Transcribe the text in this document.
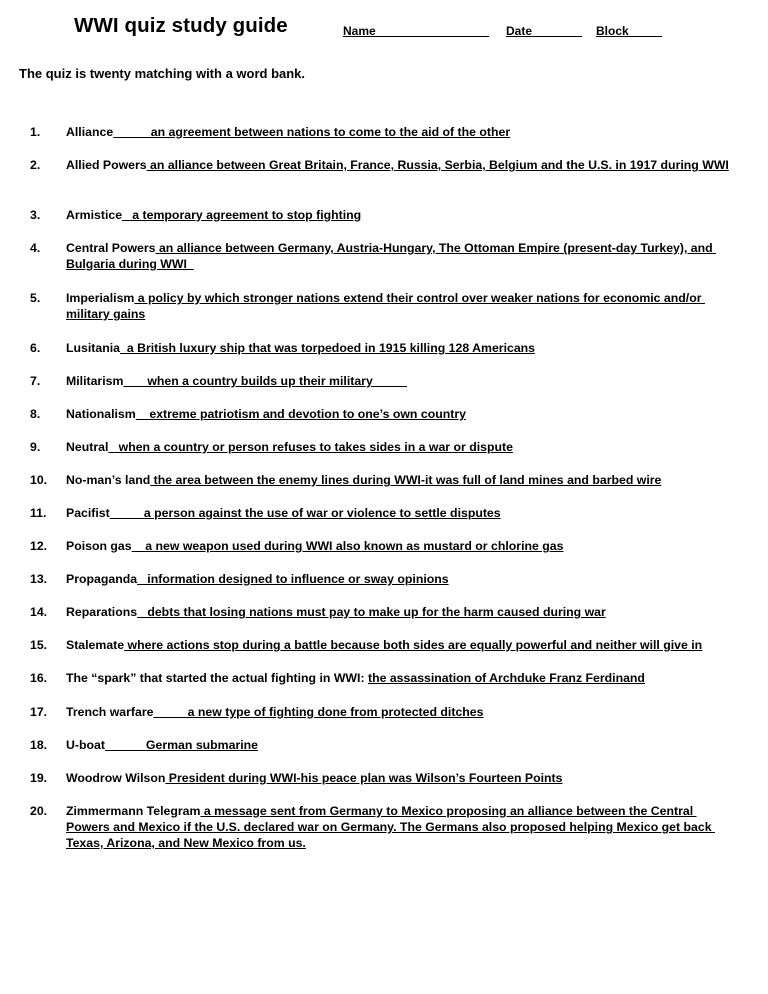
WWI quiz study guide	Name Date Block
The quiz is twenty matching with a word bank.
1.	Alliance           an agreement between nations to come to the aid of the other
2.	Allied Powers an alliance between Great Britain, France, Russia, Serbia, Belgium and the U.S. in 1917 during WWI
3.	Armistice   a temporary agreement to stop fighting
4.	Central Powers an alliance between Germany, Austria-Hungary, The Ottoman Empire (present-day Turkey), and Bulgaria during WWI
5.	Imperialism a policy by which stronger nations extend their control over weaker nations for economic and/or military gains
6.	Lusitania  a British luxury ship that was torpedoed in 1915 killing 128 Americans
7.	Militarism       when a country builds up their military
8.	Nationalism    extreme patriotism and devotion to one’s own country
9.	Neutral   when a country or person refuses to takes sides in a war or dispute
10.	No-man’s land the area between the enemy lines during WWI-it was full of land mines and barbed wire
11.	Pacifist          a person against the use of war or violence to settle disputes
12.	Poison gas    a new weapon used during WWI also known as mustard or chlorine gas
13.	Propaganda   information designed to influence or sway opinions
14.	Reparations   debts that losing nations must pay to make up for the harm caused during war
15.	Stalemate where actions stop during a battle because both sides are equally powerful and neither will give in
16.	The “spark” that started the actual fighting in WWI: the assassination of Archduke Franz Ferdinand
17.	Trench warfare          a new type of fighting done from protected ditches
18.	U-boat            German submarine
19.	Woodrow Wilson President during WWI-his peace plan was Wilson’s Fourteen Points
20.	Zimmermann Telegram a message sent from Germany to Mexico proposing an alliance between the Central Powers and Mexico if the U.S. declared war on Germany. The Germans also proposed helping Mexico get back Texas, Arizona, and New Mexico from us.
